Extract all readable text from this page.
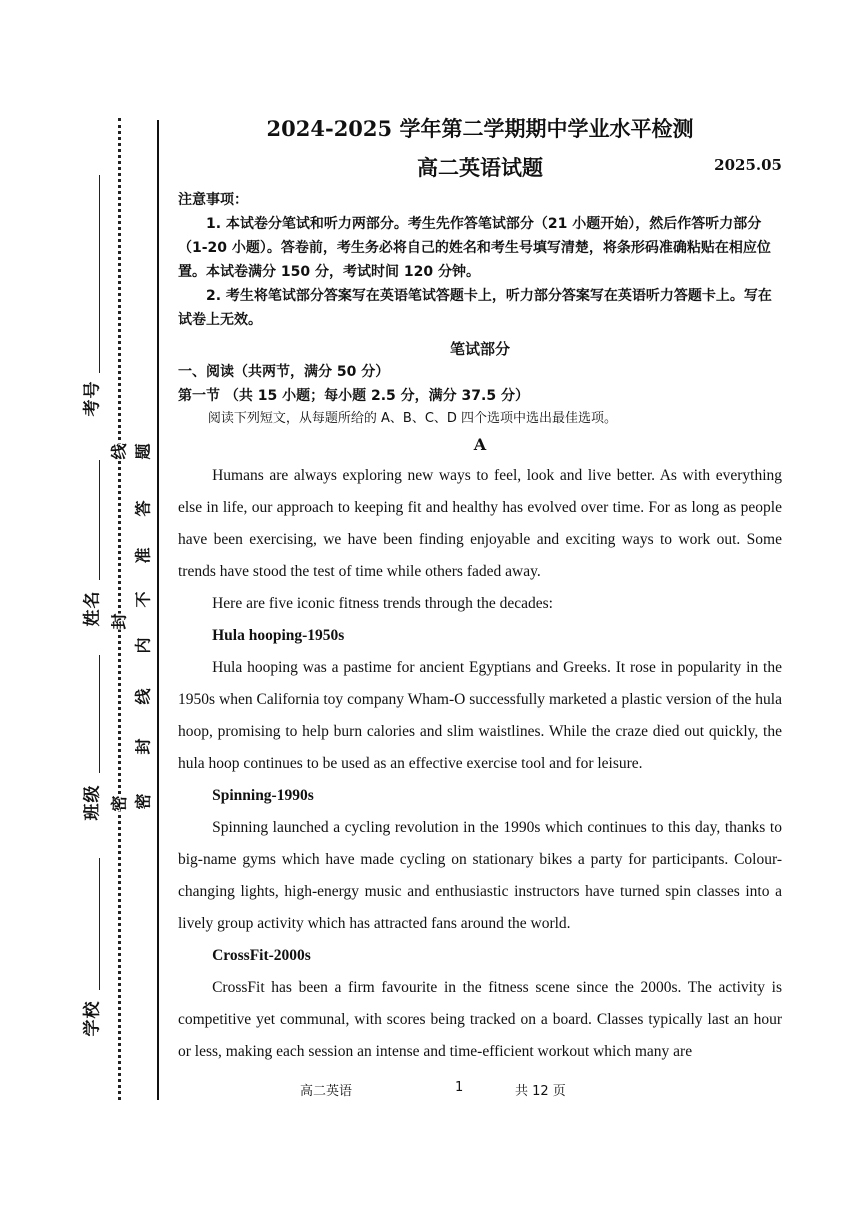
考号
姓名
班级
学校
题
答
准
不
内
线
封
密
线
封
密
2024-2025 学年第二学期期中学业水平检测
高二英语试题	2025.05

注意事项：

1. 本试卷分笔试和听力两部分。考生先作答笔试部分（21 小题开始），然后作答听力部分（1-20 小题）。答卷前，考生务必将自己的姓名和考生号填写清楚，将条形码准确粘贴在相应位置。本试卷满分 150 分，考试时间 120 分钟。

2. 考生将笔试部分答案写在英语笔试答题卡上，听力部分答案写在英语听力答题卡上。写在试卷上无效。

笔试部分
一、阅读（共两节，满分 50 分）
第一节 （共 15 小题；每小题 2.5 分，满分 37.5 分）
阅读下列短文，从每题所给的 A、B、C、D 四个选项中选出最佳选项。
A

Humans are always exploring new ways to feel, look and live better. As with everything else in life, our approach to keeping fit and healthy has evolved over time. For as long as people have been exercising, we have been finding enjoyable and exciting ways to work out. Some trends have stood the test of time while others faded away.

Here are five iconic fitness trends through the decades:

Hula hooping-1950s

Hula hooping was a pastime for ancient Egyptians and Greeks. It rose in popularity in the 1950s when California toy company Wham-O successfully marketed a plastic version of the hula hoop, promising to help burn calories and slim waistlines. While the craze died out quickly, the hula hoop continues to be used as an effective exercise tool and for leisure.

Spinning-1990s

Spinning launched a cycling revolution in the 1990s which continues to this day, thanks to big-name gyms which have made cycling on stationary bikes a party for participants. Colour-changing lights, high-energy music and enthusiastic instructors have turned spin classes into a lively group activity which has attracted fans around the world.

CrossFit-2000s

CrossFit has been a firm favourite in the fitness scene since the 2000s. The activity is competitive yet communal, with scores being tracked on a board. Classes typically last an hour or less, making each session an intense and time-efficient workout which many are

高二英语	1	共 12 页
